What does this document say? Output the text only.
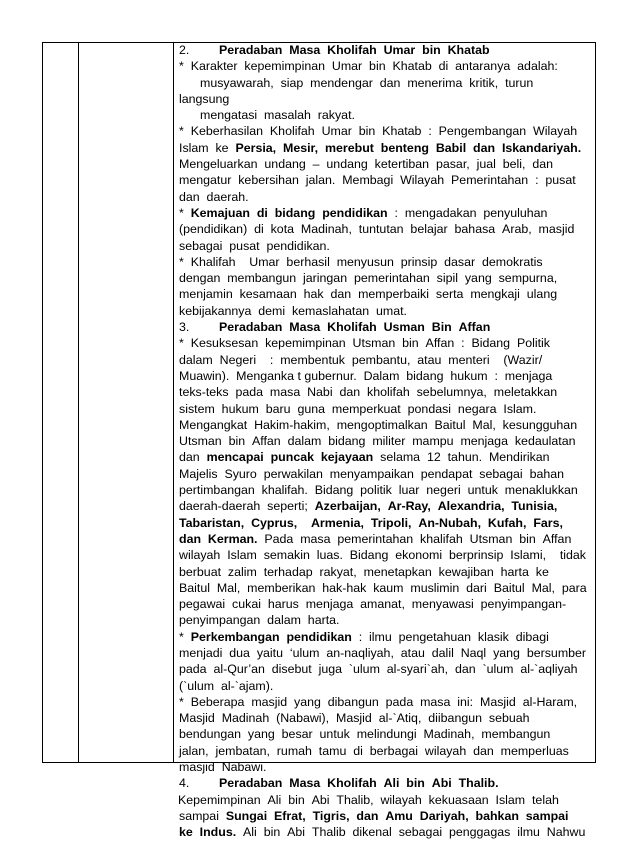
2. Peradaban  Masa  Kholifah  Umar  bin  Khatab
*  Karakter  kepemimpinan  Umar  bin  Khatab  di  antaranya  adalah:
musyawarah,  siap  mendengar  dan  menerima  kritik,  turun
langsung
mengatasi  masalah  rakyat.
*  Keberhasilan  Kholifah  Umar  bin  Khatab  :  Pengembangan  Wilayah
Islam  ke  Persia,  Mesir,  merebut  benteng  Babil  dan  Iskandariyah.
Mengeluarkan  undang  –  undang  ketertiban  pasar,  jual  beli,  dan
mengatur  kebersihan  jalan.  Membagi  Wilayah  Pemerintahan  :  pusat
dan  daerah.
*  Kemajuan  di  bidang  pendidikan  :  mengadakan  penyuluhan
(pendidikan)  di  kota  Madinah,  tuntutan  belajar  bahasa  Arab,  masjid
sebagai  pusat  pendidikan.
*  Khalifah    Umar  berhasil  menyusun  prinsip  dasar  demokratis
dengan  membangun  jaringan  pemerintahan  sipil  yang  sempurna,
menjamin  kesamaan  hak  dan  memperbaiki  serta  mengkaji  ulang
kebijakannya  demi  kemaslahatan  umat.
3. Peradaban  Masa  Kholifah  Usman  Bin  Affan
*  Kesuksesan  kepemimpinan  Utsman  bin  Affan  :  Bidang  Politik
dalam  Negeri    :  membentuk  pembantu,  atau  menteri    (Wazir/
Muawin).  Menganka t gubernur.  Dalam  bidang  hukum  :  menjaga
teks-teks  pada  masa  Nabi  dan  kholifah  sebelumnya,  meletakkan
sistem  hukum  baru  guna  memperkuat  pondasi  negara  Islam.
Mengangkat  Hakim-hakim,  mengoptimalkan  Baitul  Mal,  kesungguhan
Utsman  bin  Affan  dalam  bidang  militer  mampu  menjaga  kedaulatan
dan  mencapai  puncak  kejayaan  selama  12  tahun.  Mendirikan
Majelis  Syuro  perwakilan  menyampaikan  pendapat  sebagai  bahan
pertimbangan  khalifah.  Bidang  politik  luar  negeri  untuk  menaklukkan
daerah-daerah  seperti;  Azerbaijan,  Ar-Ray,  Alexandria,  Tunisia,
Tabaristan,  Cyprus,    Armenia,  Tripoli,  An-Nubah,  Kufah,  Fars,
dan  Kerman.  Pada  masa  pemerintahan  khalifah  Utsman  bin  Affan
wilayah  Islam  semakin  luas.  Bidang  ekonomi  berprinsip  Islami,    tidak
berbuat  zalim  terhadap  rakyat,  menetapkan  kewajiban  harta  ke
Baitul  Mal,  memberikan  hak-hak  kaum  muslimin  dari  Baitul  Mal,  para
pegawai  cukai  harus  menjaga  amanat,  menyawasi  penyimpangan-
penyimpangan  dalam  harta.
*  Perkembangan  pendidikan  :  ilmu  pengetahuan  klasik  dibagi
menjadi  dua  yaitu  ‘ulum  an-naqliyah,  atau  dalil  Naql  yang  bersumber
pada  al-Qur’an  disebut  juga  `ulum  al-syari`ah,  dan  `ulum  al-`aqliyah
(`ulum  al-`ajam).
*  Beberapa  masjid  yang  dibangun  pada  masa  ini:  Masjid  al-Haram,
Masjid  Madinah  (Nabawi),  Masjid  al-`Atiq,  diibangun  sebuah
bendungan  yang  besar  untuk  melindungi  Madinah,  membangun
jalan,  jembatan,  rumah  tamu  di  berbagai  wilayah  dan  memperluas
masjid  Nabawi.
4. Peradaban  Masa  Kholifah  Ali  bin  Abi  Thalib.
Kepemimpinan  Ali  bin  Abi  Thalib,  wilayah  kekuasaan  Islam  telah
sampai  Sungai  Efrat,  Tigris,  dan  Amu  Dariyah,  bahkan  sampai
ke  Indus.  Ali  bin  Abi  Thalib  dikenal  sebagai  penggagas  ilmu  Nahwu
